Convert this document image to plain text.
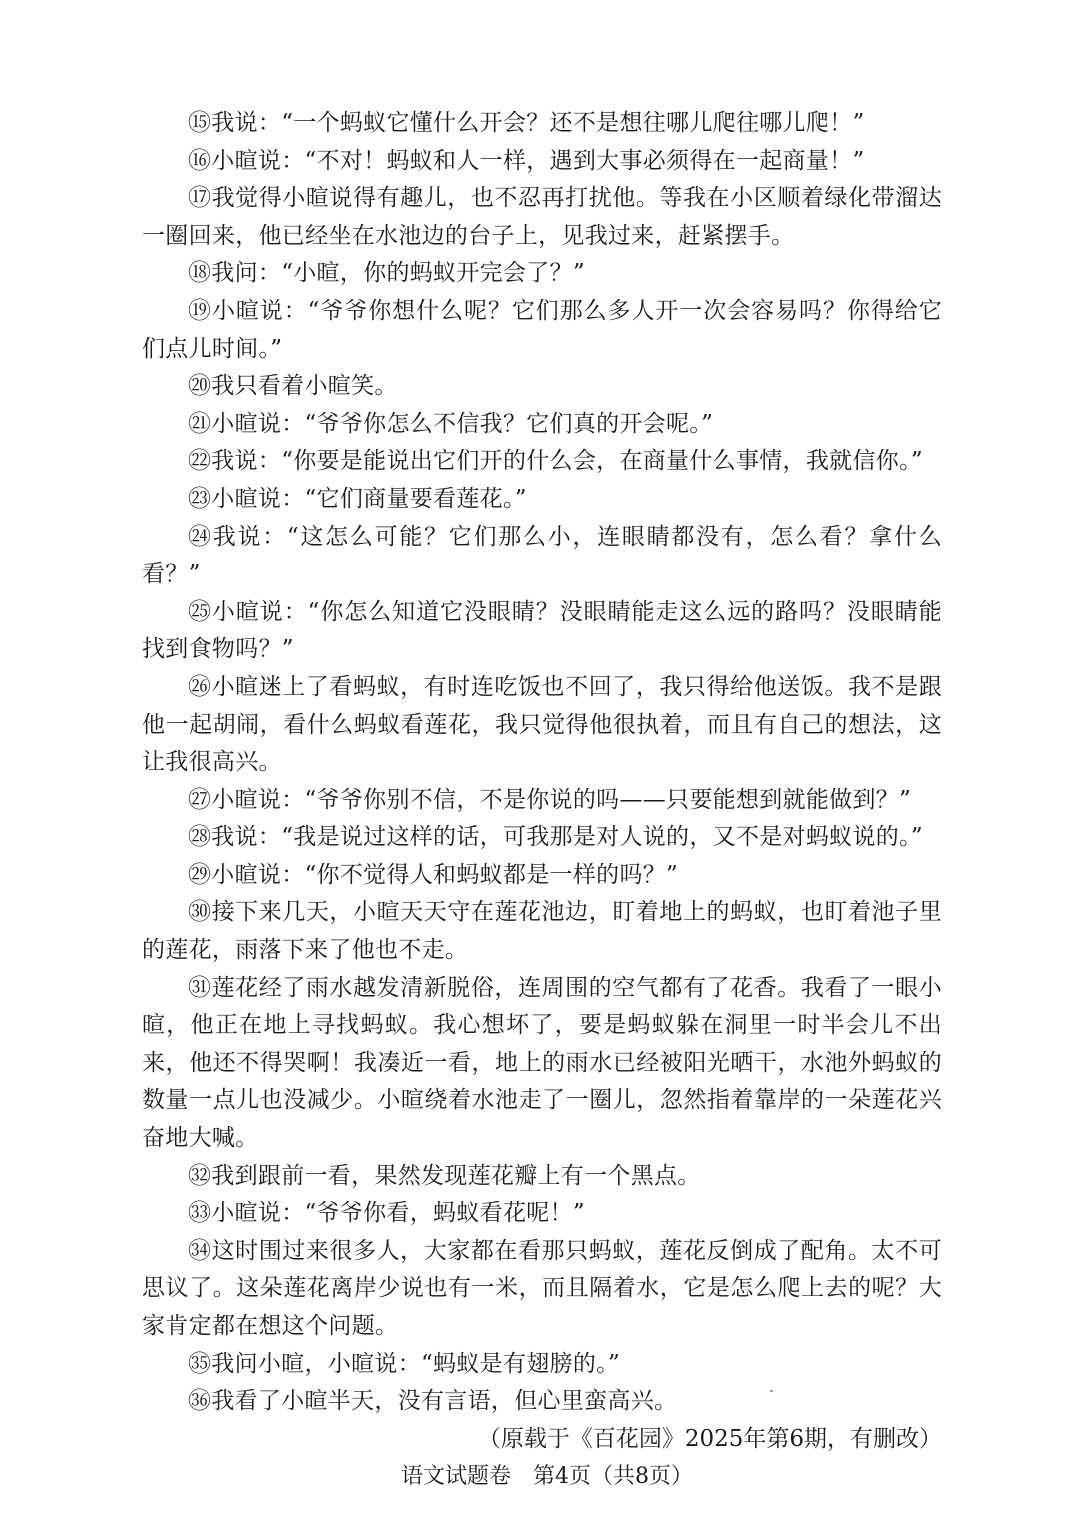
⑮我说：“一个蚂蚁它懂什么开会？还不是想往哪儿爬往哪儿爬！”

⑯小暄说：“不对！蚂蚁和人一样，遇到大事必须得在一起商量！”

⑰我觉得小暄说得有趣儿，也不忍再打扰他。等我在小区顺着绿化带溜达一圈回来，他已经坐在水池边的台子上，见我过来，赶紧摆手。

⑱我问：“小暄，你的蚂蚁开完会了？”

⑲小暄说：“爷爷你想什么呢？它们那么多人开一次会容易吗？你得给它们点儿时间。”

⑳我只看着小暄笑。

㉑小暄说：“爷爷你怎么不信我？它们真的开会呢。”

㉒我说：“你要是能说出它们开的什么会，在商量什么事情，我就信你。”

㉓小暄说：“它们商量要看莲花。”

㉔我说：“这怎么可能？它们那么小，连眼睛都没有，怎么看？拿什么看？”

㉕小暄说：“你怎么知道它没眼睛？没眼睛能走这么远的路吗？没眼睛能找到食物吗？”

㉖小暄迷上了看蚂蚁，有时连吃饭也不回了，我只得给他送饭。我不是跟他一起胡闹，看什么蚂蚁看莲花，我只觉得他很执着，而且有自己的想法，这让我很高兴。

㉗小暄说：“爷爷你别不信，不是你说的吗——只要能想到就能做到？”

㉘我说：“我是说过这样的话，可我那是对人说的，又不是对蚂蚁说的。”

㉙小暄说：“你不觉得人和蚂蚁都是一样的吗？”

㉚接下来几天，小暄天天守在莲花池边，盯着地上的蚂蚁，也盯着池子里的莲花，雨落下来了他也不走。

㉛莲花经了雨水越发清新脱俗，连周围的空气都有了花香。我看了一眼小暄，他正在地上寻找蚂蚁。我心想坏了，要是蚂蚁躲在洞里一时半会儿不出来，他还不得哭啊！我凑近一看，地上的雨水已经被阳光晒干，水池外蚂蚁的数量一点儿也没减少。小暄绕着水池走了一圈儿，忽然指着靠岸的一朵莲花兴奋地大喊。

㉜我到跟前一看，果然发现莲花瓣上有一个黑点。

㉝小暄说：“爷爷你看，蚂蚁看花呢！”

㉞这时围过来很多人，大家都在看那只蚂蚁，莲花反倒成了配角。太不可思议了。这朵莲花离岸少说也有一米，而且隔着水，它是怎么爬上去的呢？大家肯定都在想这个问题。

㉟我问小暄，小暄说：“蚂蚁是有翅膀的。”

㊱我看了小暄半天，没有言语，但心里蛮高兴。

（原载于《百花园》2025年第6期，有删改）

语文试题卷　第4页（共8页）
